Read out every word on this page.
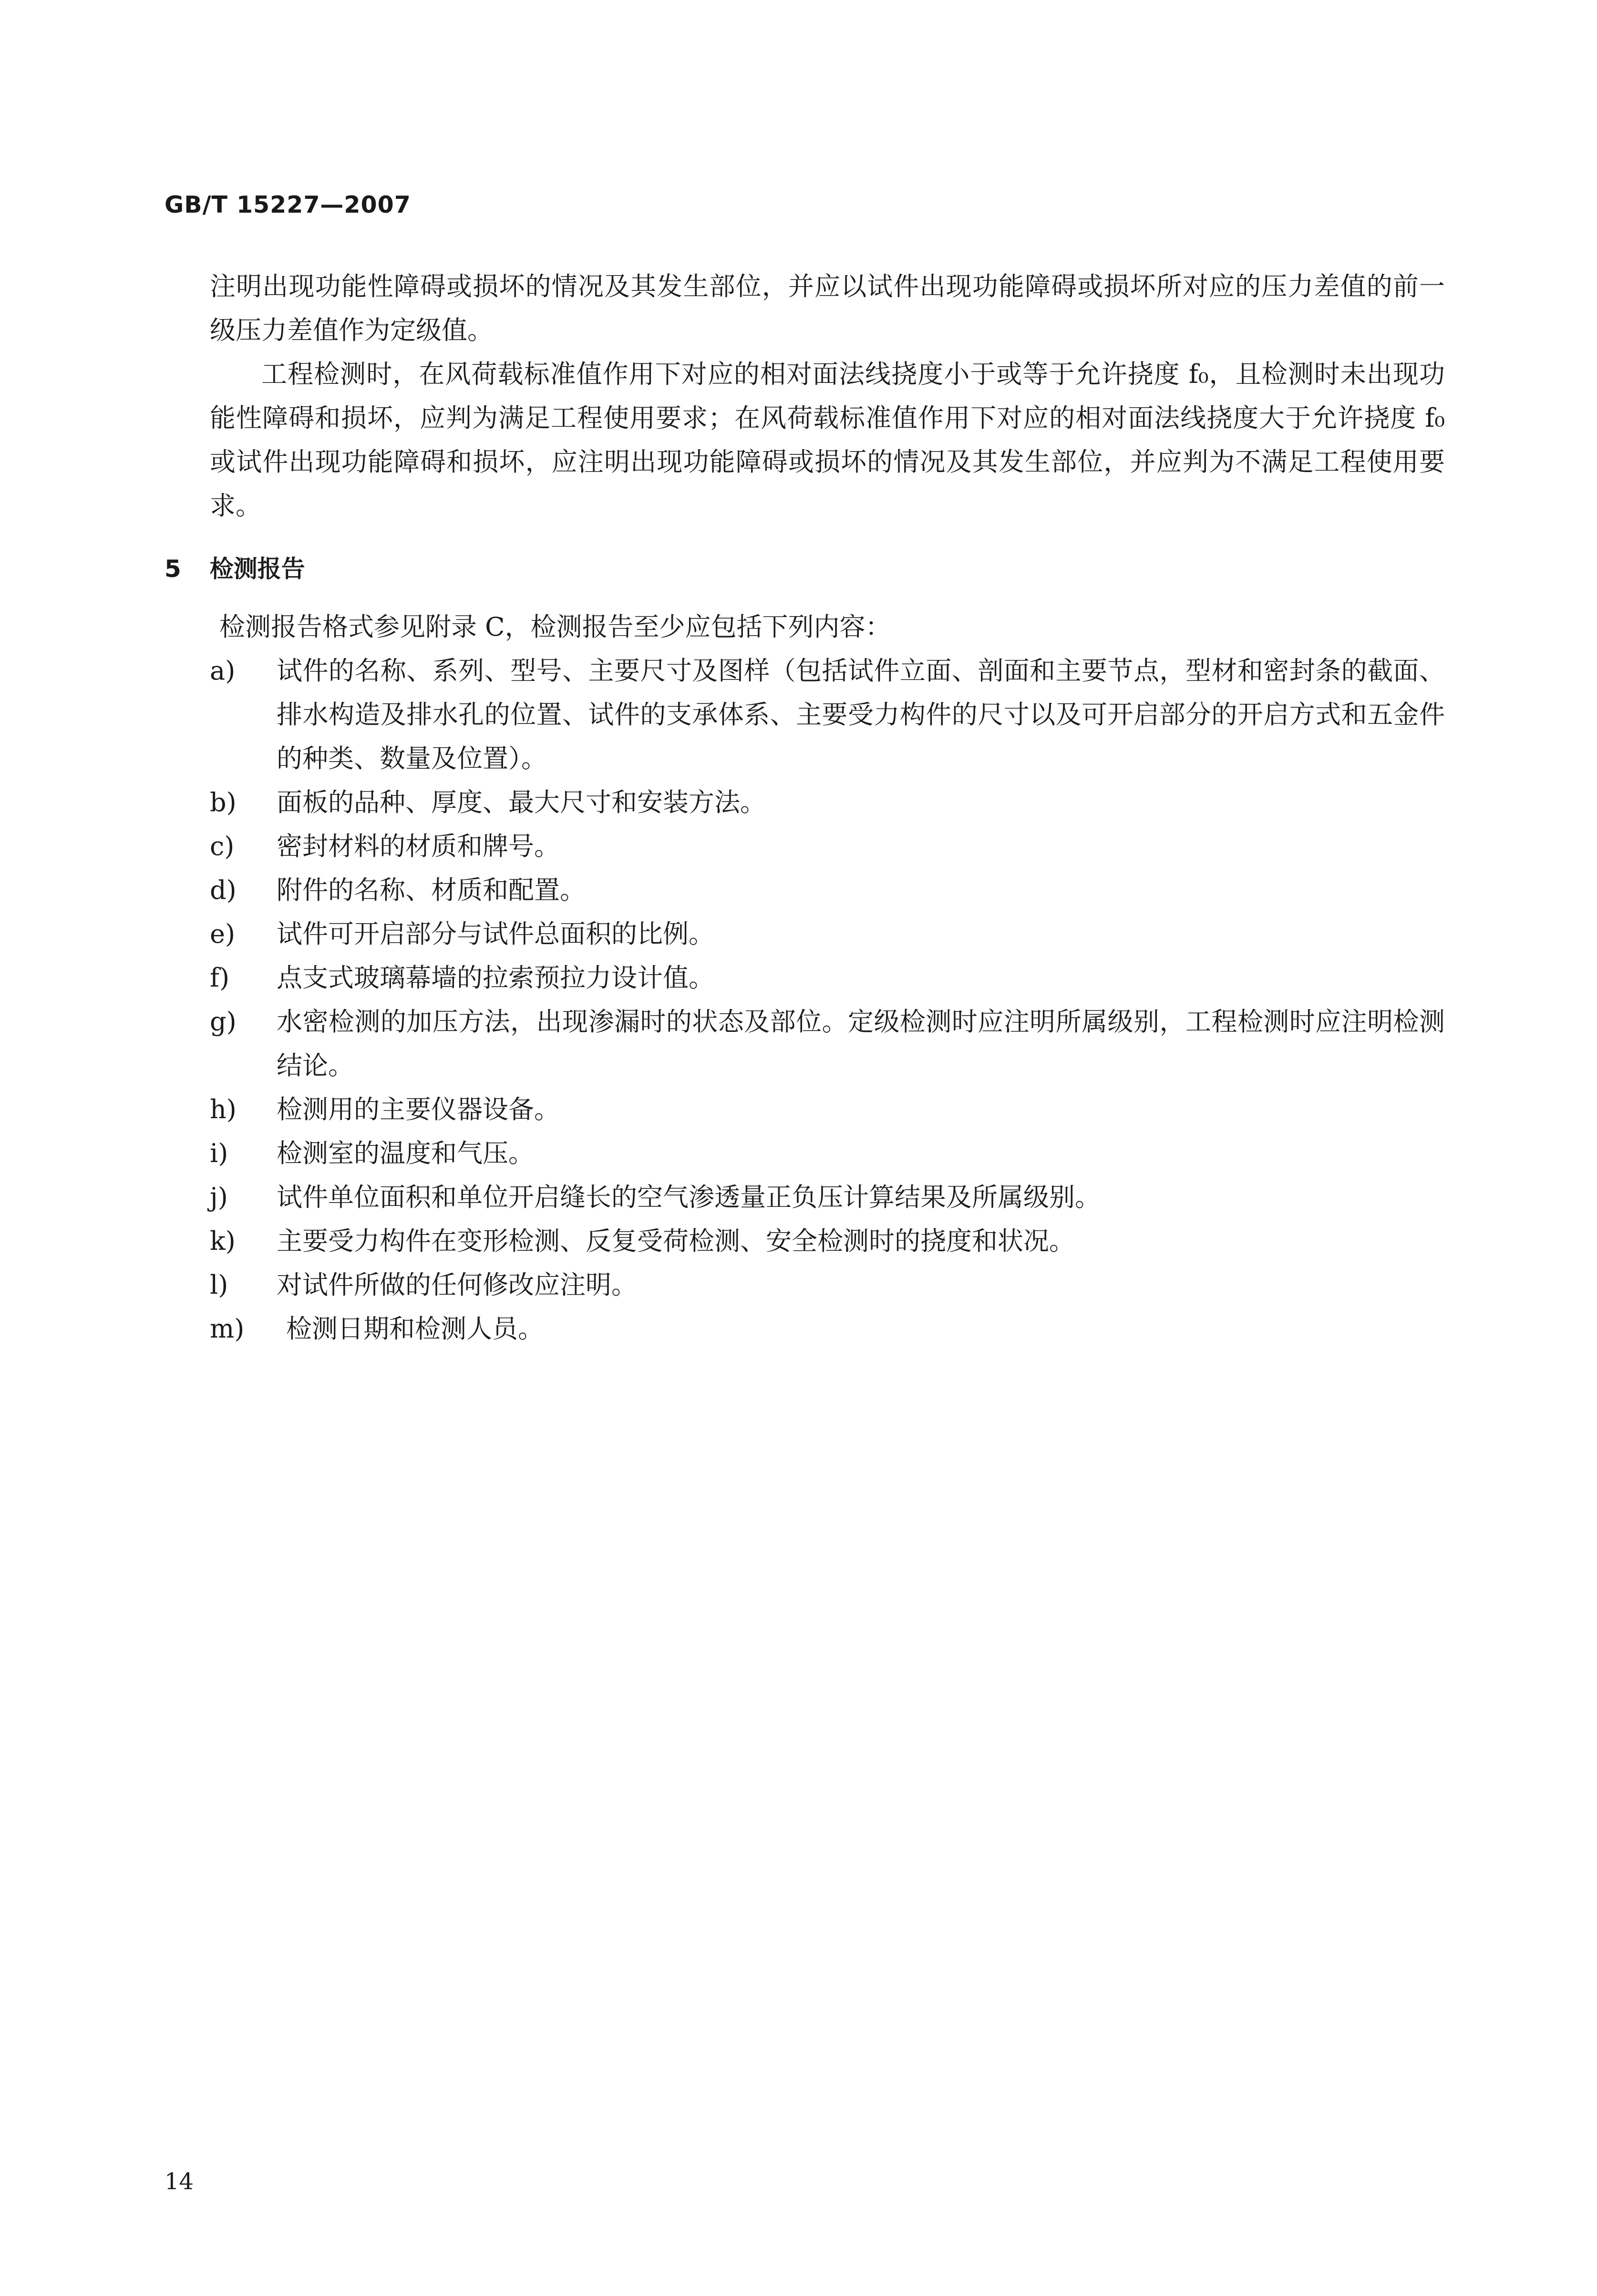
GB/T 15227—2007

注明出现功能性障碍或损坏的情况及其发生部位，并应以试件出现功能障碍或损坏所对应的压力差值的前一级压力差值作为定级值。

工程检测时，在风荷载标准值作用下对应的相对面法线挠度小于或等于允许挠度 f₀，且检测时未出现功能性障碍和损坏，应判为满足工程使用要求；在风荷载标准值作用下对应的相对面法线挠度大于允许挠度 f₀ 或试件出现功能障碍和损坏，应注明出现功能障碍或损坏的情况及其发生部位，并应判为不满足工程使用要求。

5 检测报告

检测报告格式参见附录 C，检测报告至少应包括下列内容：

a)	试件的名称、系列、型号、主要尺寸及图样（包括试件立面、剖面和主要节点，型材和密封条的截面、排水构造及排水孔的位置、试件的支承体系、主要受力构件的尺寸以及可开启部分的开启方式和五金件的种类、数量及位置）。
b)	面板的品种、厚度、最大尺寸和安装方法。
c)	密封材料的材质和牌号。
d)	附件的名称、材质和配置。
e)	试件可开启部分与试件总面积的比例。
f)	点支式玻璃幕墙的拉索预拉力设计值。
g)	水密检测的加压方法，出现渗漏时的状态及部位。定级检测时应注明所属级别，工程检测时应注明检测结论。
h)	检测用的主要仪器设备。
i)	检测室的温度和气压。
j)	试件单位面积和单位开启缝长的空气渗透量正负压计算结果及所属级别。
k)	主要受力构件在变形检测、反复受荷检测、安全检测时的挠度和状况。
l)	对试件所做的任何修改应注明。
m)	检测日期和检测人员。
14
